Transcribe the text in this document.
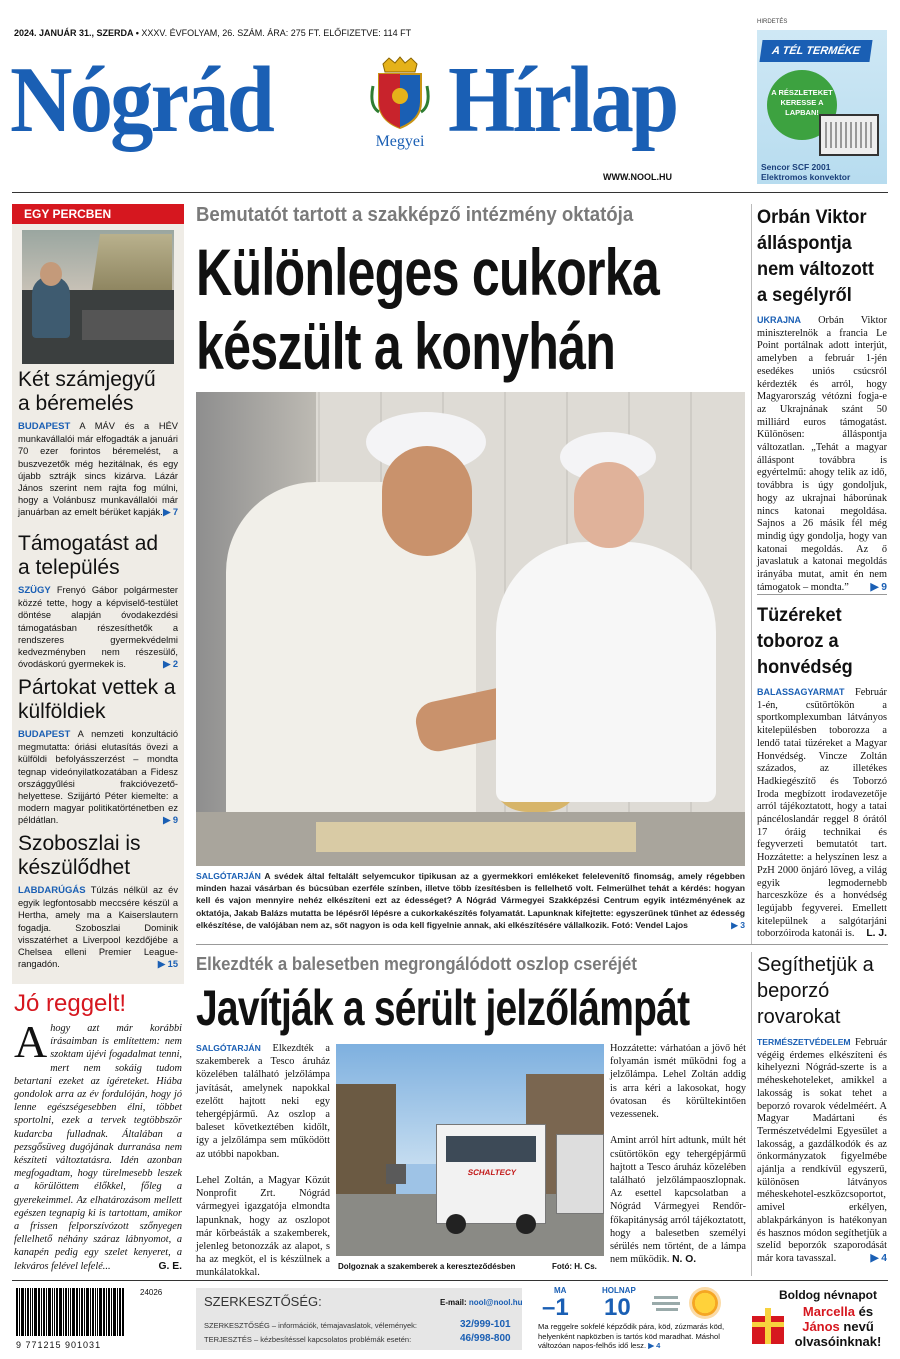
2024. JANUÁR 31., SZERDA • XXXV. ÉVFOLYAM, 26. SZÁM. ÁRA: 275 FT. ELŐFIZETVE: 114 FT
Nógrád	Megyei Hírlap
WWW.NOOL.HU
HIRDETÉS
A TÉL TERMÉKE
A RÉSZLETEKET KERESSE A LAPBAN!
Sencor SCF 2001
Elektromos konvektor
EGY PERCBEN
Két számjegyű a béremelés
BUDAPEST A MÁV és a HÉV munkavállalói már elfogadták a januári 70 ezer forintos béremelést, a buszvezetők még hezitálnak, és egy újabb sztrájk sincs kizárva. Lázár János szerint nem rajta fog múlni, hogy a Volánbusz munkavállalói már januárban az emelt bérüket kapják. ▶ 7
Támogatást ad a település
SZÜGY Frenyó Gábor polgármester közzé tette, hogy a képviselő-testület döntése alapján óvodakezdési támogatásban részesíthetők a rendszeres gyermekvédelmi kedvezményben nem részesülő, óvodáskorú gyermekek is.	▶ 2
Pártokat vettek a külföldiek
BUDAPEST A nemzeti konzultáció megmutatta: óriási elutasítás övezi a külföldi befolyásszerzést – mondta tegnap videónyilatkozatában a Fidesz országgyűlési frakcióvezető-helyettese. Szijjártó Péter kiemelte: a modern magyar politikatörténetben ez példátlan.	▶ 9
Szoboszlai is készülődhet
LABDARÚGÁS Túlzás nélkül az év egyik legfontosabb meccsére készül a Hertha, amely ma a Kaiserslautern fogadja. Szoboszlai Dominik visszatérhet a Liverpool kezdőjébe a Chelsea elleni Premier League-rangadón.	▶ 15
Bemutatót tartott a szakképző intézmény oktatója
Különleges cukorka
készült a konyhán
SALGÓTARJÁN A svédek által feltalált selyemcukor tipikusan az a gyermekkori emlékeket felelevenítő finomság, amely régebben minden hazai vásárban és búcsúban ezerféle színben, illetve több ízesítésben is fellelhető volt. Felmerülhet tehát a kérdés: hogyan kell és vajon mennyire nehéz elkészíteni ezt az édességet? A Nógrád Vármegyei Szakképzési Centrum egyik intézményének az oktatója, Jakab Balázs mutatta be lépésről lépésre a cukorkakészítés folyamatát. Lapunknak kifejtette: egyszerűnek tűnhet az édesség elkészítése, de valójában nem az, sőt nagyon is oda kell figyelnie annak, aki elkészítésére vállalkozik. Fotó: Vendel Lajos	▶ 3
Orbán Viktor álláspontja nem változott a segélyről
UKRAJNA Orbán Viktor miniszterelnök a francia Le Point portálnak adott interjút, amelyben a február 1-jén esedékes uniós csúcsról kérdezték és arról, hogy Magyarország vétózni fogja-e az Ukrajnának szánt 50 milliárd euros támogatást. Különösen: álláspontja változatlan. „Tehát a magyar álláspont továbbra is egyértelmű: ahogy telik az idő, továbbra is úgy gondoljuk, hogy az ukrajnai háborúnak nincs katonai megoldása. Sajnos a 26 másik fél még mindig úgy gondolja, hogy van katonai megoldás. Az ő javaslatuk a katonai megoldás irányába mutat, amit én nem támogatok – mondta.” ▶ 9
Tüzéreket toboroz a honvédség
BALASSAGYARMAT Február 1-én, csütörtökön a sportkomplexumban látványos kitelepülésben toborozza a lendő tatai tüzéreket a Magyar Honvédség. Vincze Zoltán százados, az illetékes Hadkiegészítő és Toborzó Iroda megbízott irodavezetője arról tájékoztatott, hogy a tatai páncéloslandár reggel 8 órától 17 óráig technikai és fegyverzeti bemutatót tart. Hozzátette: a helyszínen lesz a PzH 2000 önjáró löveg, a világ egyik legmodernebb harceszköze és a honvédség legújabb fegyverei. Emellett kitelepülnek a salgótarjáni toborzóiroda katonái is. L. J.
Elkezdték a balesetben megrongálódott oszlop cseréjét
Javítják a sérült jelzőlámpát
SALGÓTARJÁN Elkezdték a szakemberek a Tesco áruház közelében található jelzőlámpa javítását, amelynek napokkal ezelőtt hajtott neki egy tehergépjármű. Az oszlop a baleset következtében kidőlt, így a jelzőlámpa sem működött az utóbbi napokban.

Lehel Zoltán, a Magyar Közút Nonprofit Zrt. Nógrád vármegyei igazgatója elmondta lapunknak, hogy az oszlopot már körbeásták a szakemberek, jelenleg betonozzák az alapot, s ha az megköt, el is készülnek a munkálatokkal.
SCHALTECY
Dolgoznak a szakemberek a kereszteződésben	Fotó: H. Cs.
Hozzátette: várhatóan a jövő hét folyamán ismét működni fog a jelzőlámpa. Lehel Zoltán addig is arra kéri a lakosokat, hogy óvatosan és körültekintően vezessenek.

Amint arról hírt adtunk, múlt hét csütörtökön egy tehergépjármű hajtott a Tesco áruház közelében található jelzőlámpaoszlopnak. Az esettel kapcsolatban a Nógrád Vármegyei Rendőr-főkapitányság arról tájékoztatott, hogy a balesetben személyi sérülés nem történt, de a lámpa nem működik. N. O.
Segíthetjük a beporzó rovarokat
TERMÉSZETVÉDELEM Február végéig érdemes elkészíteni és kihelyezni Nógrád-szerte is a méheskehoteleket, amikkel a lakosság is sokat tehet a beporzó rovarok védelméért. A Magyar Madártani és Természetvédelmi Egyesület a lakosság, a gazdálkodók és az önkormányzatok figyelmébe ajánlja a rendkívül egyszerű, különösen látványos méheskehotel-eszközcsoportot, amivel erkélyen, ablakpárkányon is hatékonyan és hasznos módon segíthetjük a szelíd beporzók szaporodását már kora tavasszal.	▶ 4
Jó reggelt!
A hogy azt már korábbi írásaimban is említettem: nem szoktam újévi fogadalmat tenni, mert nem sokáig tudom betartani ezeket az ígéreteket. Hiába gondolok arra az év fordulóján, hogy jó lenne egészségesebben élni, többet sportolni, ezek a tervek tegtöbbször kudarcba fulladnak. Általában a pezsgősüveg dugójának durranása nem készíteti változtatásra. Idén azonban megfogadtam, hogy türelmesebb leszek a körülöttem élőkkel, főleg a gyerekeimmel. Az elhatározásom mellett egészen tegnapig ki is tartottam, amikor a frissen felporszívózott szőnyegen fellelhető néhány száraz lábnyomot, a kanapén pedig egy szelet kenyeret, a lekváros felével lefelé...	G. E.
24026
9 771215 901031
SZERKESZTŐSÉG:	E-mail: nool@nool.hu
SZERKESZTŐSÉG – információk, témajavaslatok, vélemények:	32/999-101
TERJESZTÉS – kézbesítéssel kapcsolatos problémák esetén:	46/998-800
MA
–1
HOLNAP
10
Ma reggelre sokfelé képződik pára, köd, zúzmarás köd, helyenként napközben is tartós köd maradhat. Máshol változóan napos-felhős idő lesz. ▶ 4
Boldog névnapot
Marcella és János nevű olvasóinknak!
